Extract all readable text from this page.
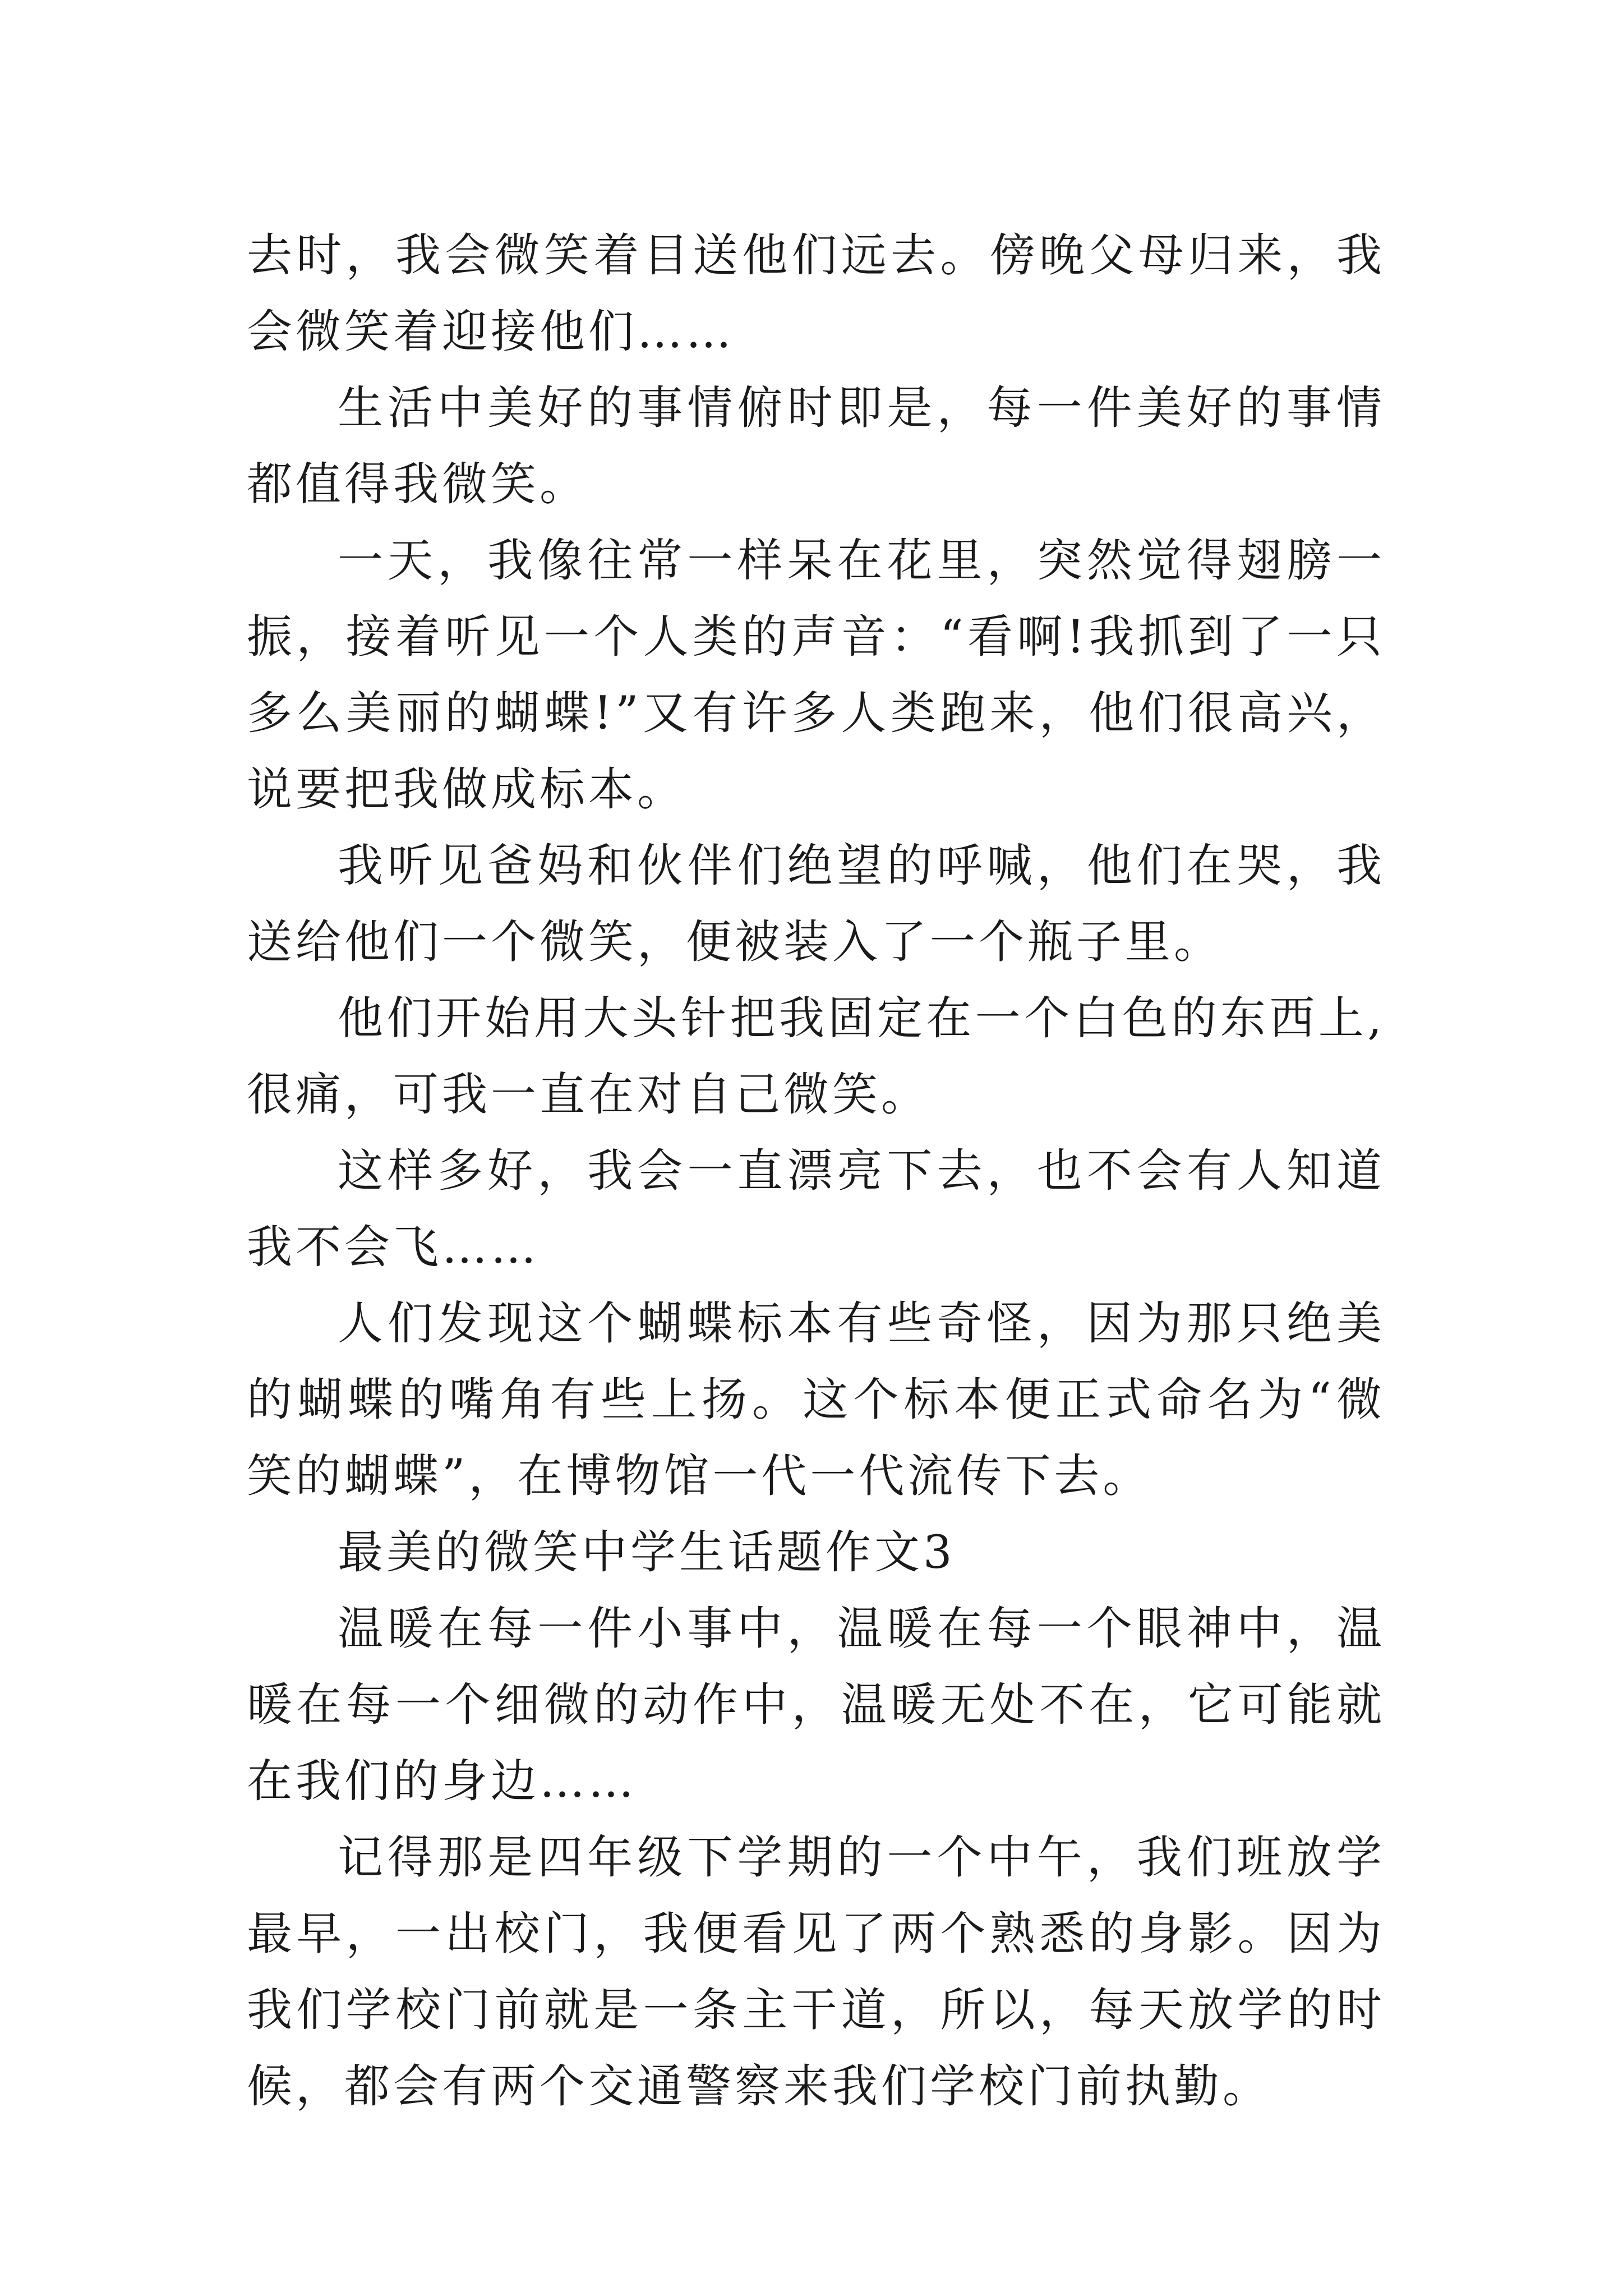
去时，我会微笑着目送他们远去。傍晚父母归来，我会微笑着迎接他们……

生活中美好的事情俯时即是，每一件美好的事情都值得我微笑。

一天，我像往常一样呆在花里，突然觉得翅膀一振，接着听见一个人类的声音：“看啊!我抓到了一只多么美丽的蝴蝶!”又有许多人类跑来，他们很高兴，说要把我做成标本。

我听见爸妈和伙伴们绝望的呼喊，他们在哭，我送给他们一个微笑，便被装入了一个瓶子里。

他们开始用大头针把我固定在一个白色的东西上,很痛，可我一直在对自己微笑。

这样多好，我会一直漂亮下去，也不会有人知道我不会飞……

人们发现这个蝴蝶标本有些奇怪，因为那只绝美的蝴蝶的嘴角有些上扬。这个标本便正式命名为“微笑的蝴蝶”，在博物馆一代一代流传下去。

最美的微笑中学生话题作文3

温暖在每一件小事中，温暖在每一个眼神中，温暖在每一个细微的动作中，温暖无处不在，它可能就在我们的身边……

记得那是四年级下学期的一个中午，我们班放学最早，一出校门，我便看见了两个熟悉的身影。因为我们学校门前就是一条主干道，所以，每天放学的时候，都会有两个交通警察来我们学校门前执勤。
